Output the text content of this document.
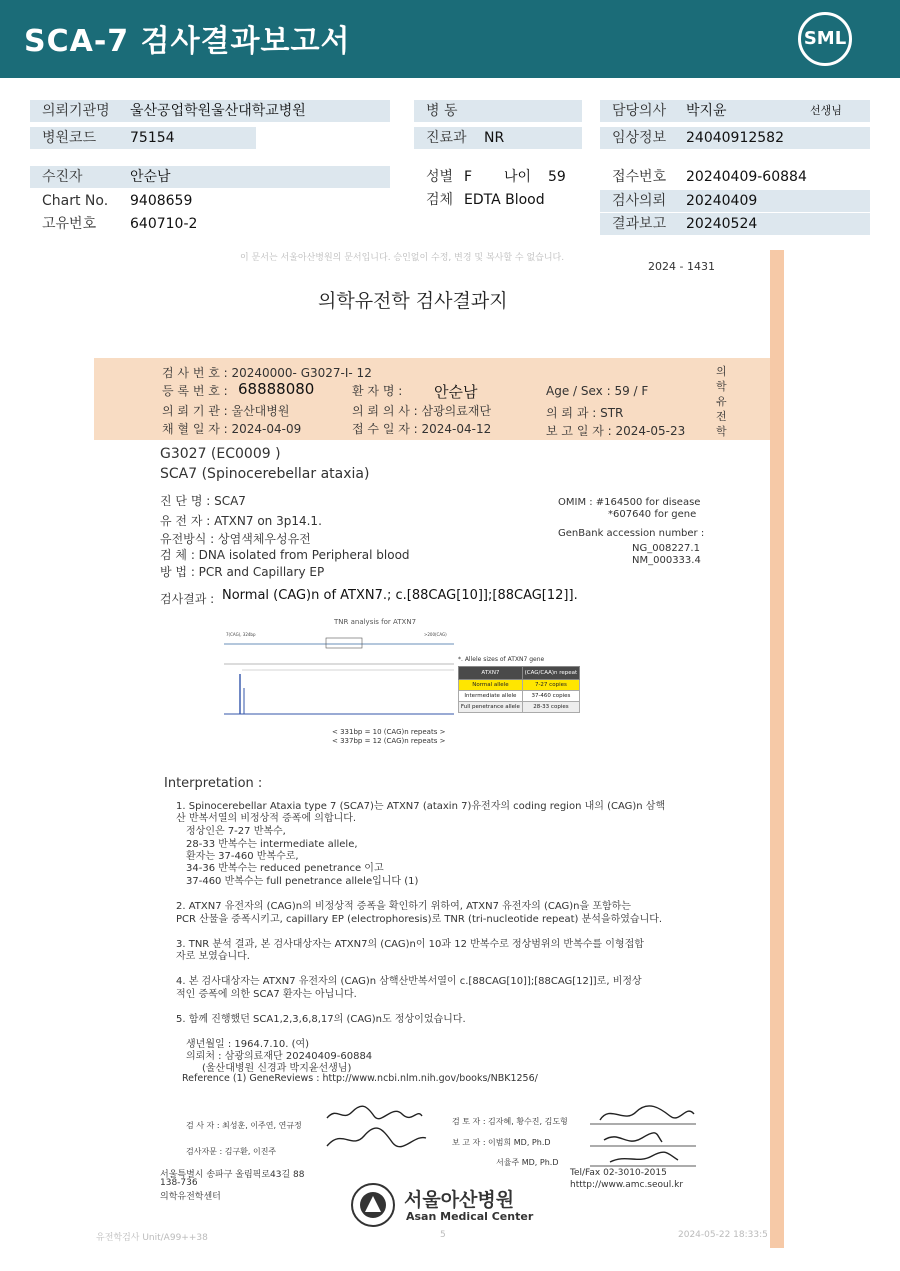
SCA-7 검사결과보고서	SML
의뢰기관명 울산공업학원울산대학교병원
병원코드 75154
병 동
진료과 NR
담당의사 박지윤	선생님
임상정보 24040912582
수진자	안순남
Chart No. 9408659
고유번호 640710-2
성별 F 나이 59
검체 EDTA Blood
접수번호 20240409-60884
검사의뢰 20240409
결과보고 20240524
이 문서는 서울아산병원의 문서입니다. 승인없이 수정, 변경 및 복사할 수 없습니다.
2024 - 1431
의학유전학 검사결과지
검 사 번 호 : 20240000- G3027-I- 12
등 록 번 호 : 68888080	환 자 명 : 안순남	Age / Sex : 59 / F
의 뢰 기 관 : 울산대병원	의 뢰 의 사 : 삼광의료재단	의 뢰 과 : STR
채 혈 일 자 : 2024-04-09	접 수 일 자 : 2024-04-12	보 고 일 자 : 2024-05-23
의
학
유
전
학
G3027 (EC0009 )
SCA7 (Spinocerebellar ataxia)
진 단 명 : SCA7
유 전 자 : ATXN7 on 3p14.1.
유전방식 : 상염색체우성유전
검 체 : DNA isolated from Peripheral blood
방 법 : PCR and Capillary EP
OMIM : #164500 for disease
*607640 for gene
GenBank accession number :
NG_008227.1
NM_000333.4
검사결과 : Normal (CAG)n of ATXN7.; c.[88CAG[10]];[88CAG[12]].
7(CAG), 324bp	>200(CAG)
TNR analysis for ATXN7
< 331bp = 10 (CAG)n repeats >
< 337bp = 12 (CAG)n repeats >
*. Allele sizes of ATXN7 gene
ATXN7	(CAG/CAA)n repeat
Normal allele	7-27 copies
Intermediate allele	37-460 copies
Full penetrance allele	28-33 copies
Interpretation :

1. Spinocerebellar Ataxia type 7 (SCA7)는 ATXN7 (ataxin 7)유전자의 coding region 내의 (CAG)n 삼핵

산 반복서열의 비정상적 증폭에 의합니다.

정상인은 7-27 반복수,

28-33 반복수는 intermediate allele,

환자는 37-460 반복수로,

34-36 반복수는 reduced penetrance 이고

37-460 반복수는 full penetrance allele입니다 (1)

2. ATXN7 유전자의 (CAG)n의 비정상적 증폭을 확인하기 위하여, ATXN7 유전자의 (CAG)n을 포함하는

PCR 산물을 증폭시키고, capillary EP (electrophoresis)로 TNR (tri-nucleotide repeat) 분석을하였습니다.

3. TNR 분석 결과, 본 검사대상자는 ATXN7의 (CAG)n이 10과 12 반복수로 정상범위의 반복수를 이형접합

자로 보였습니다.

4. 본 검사대상자는 ATXN7 유전자의 (CAG)n 삼핵산반복서열이 c.[88CAG[10]];[88CAG[12]]로, 비정상

적인 증폭에 의한 SCA7 환자는 아닙니다.

5. 함께 진행했던 SCA1,2,3,6,8,17의 (CAG)n도 정상이었습니다.

생년월일 : 1964.7.10. (여)
의뢰처 : 삼광의료재단 20240409-60884
(울산대병원 신경과 박지윤선생님)
Reference (1) GeneReviews : http://www.ncbi.nlm.nih.gov/books/NBK1256/
검 사 자 : 최성훈, 이주연, 연규정
검사자문 : 김구환, 이진주
검 토 자 : 김자혜, 황수진, 김도형
보 고 자 : 이범희 MD, Ph.D
서율주 MD, Ph.D
서울특별시 송파구 올림픽로43길 88
138-736
의학유전학센터
Tel/Fax 02-3010-2015
htttp://www.amc.seoul.kr
서울아산병원
Asan Medical Center
유전학검사 Unit/A99++38	5	2024-05-22 18:33:5
